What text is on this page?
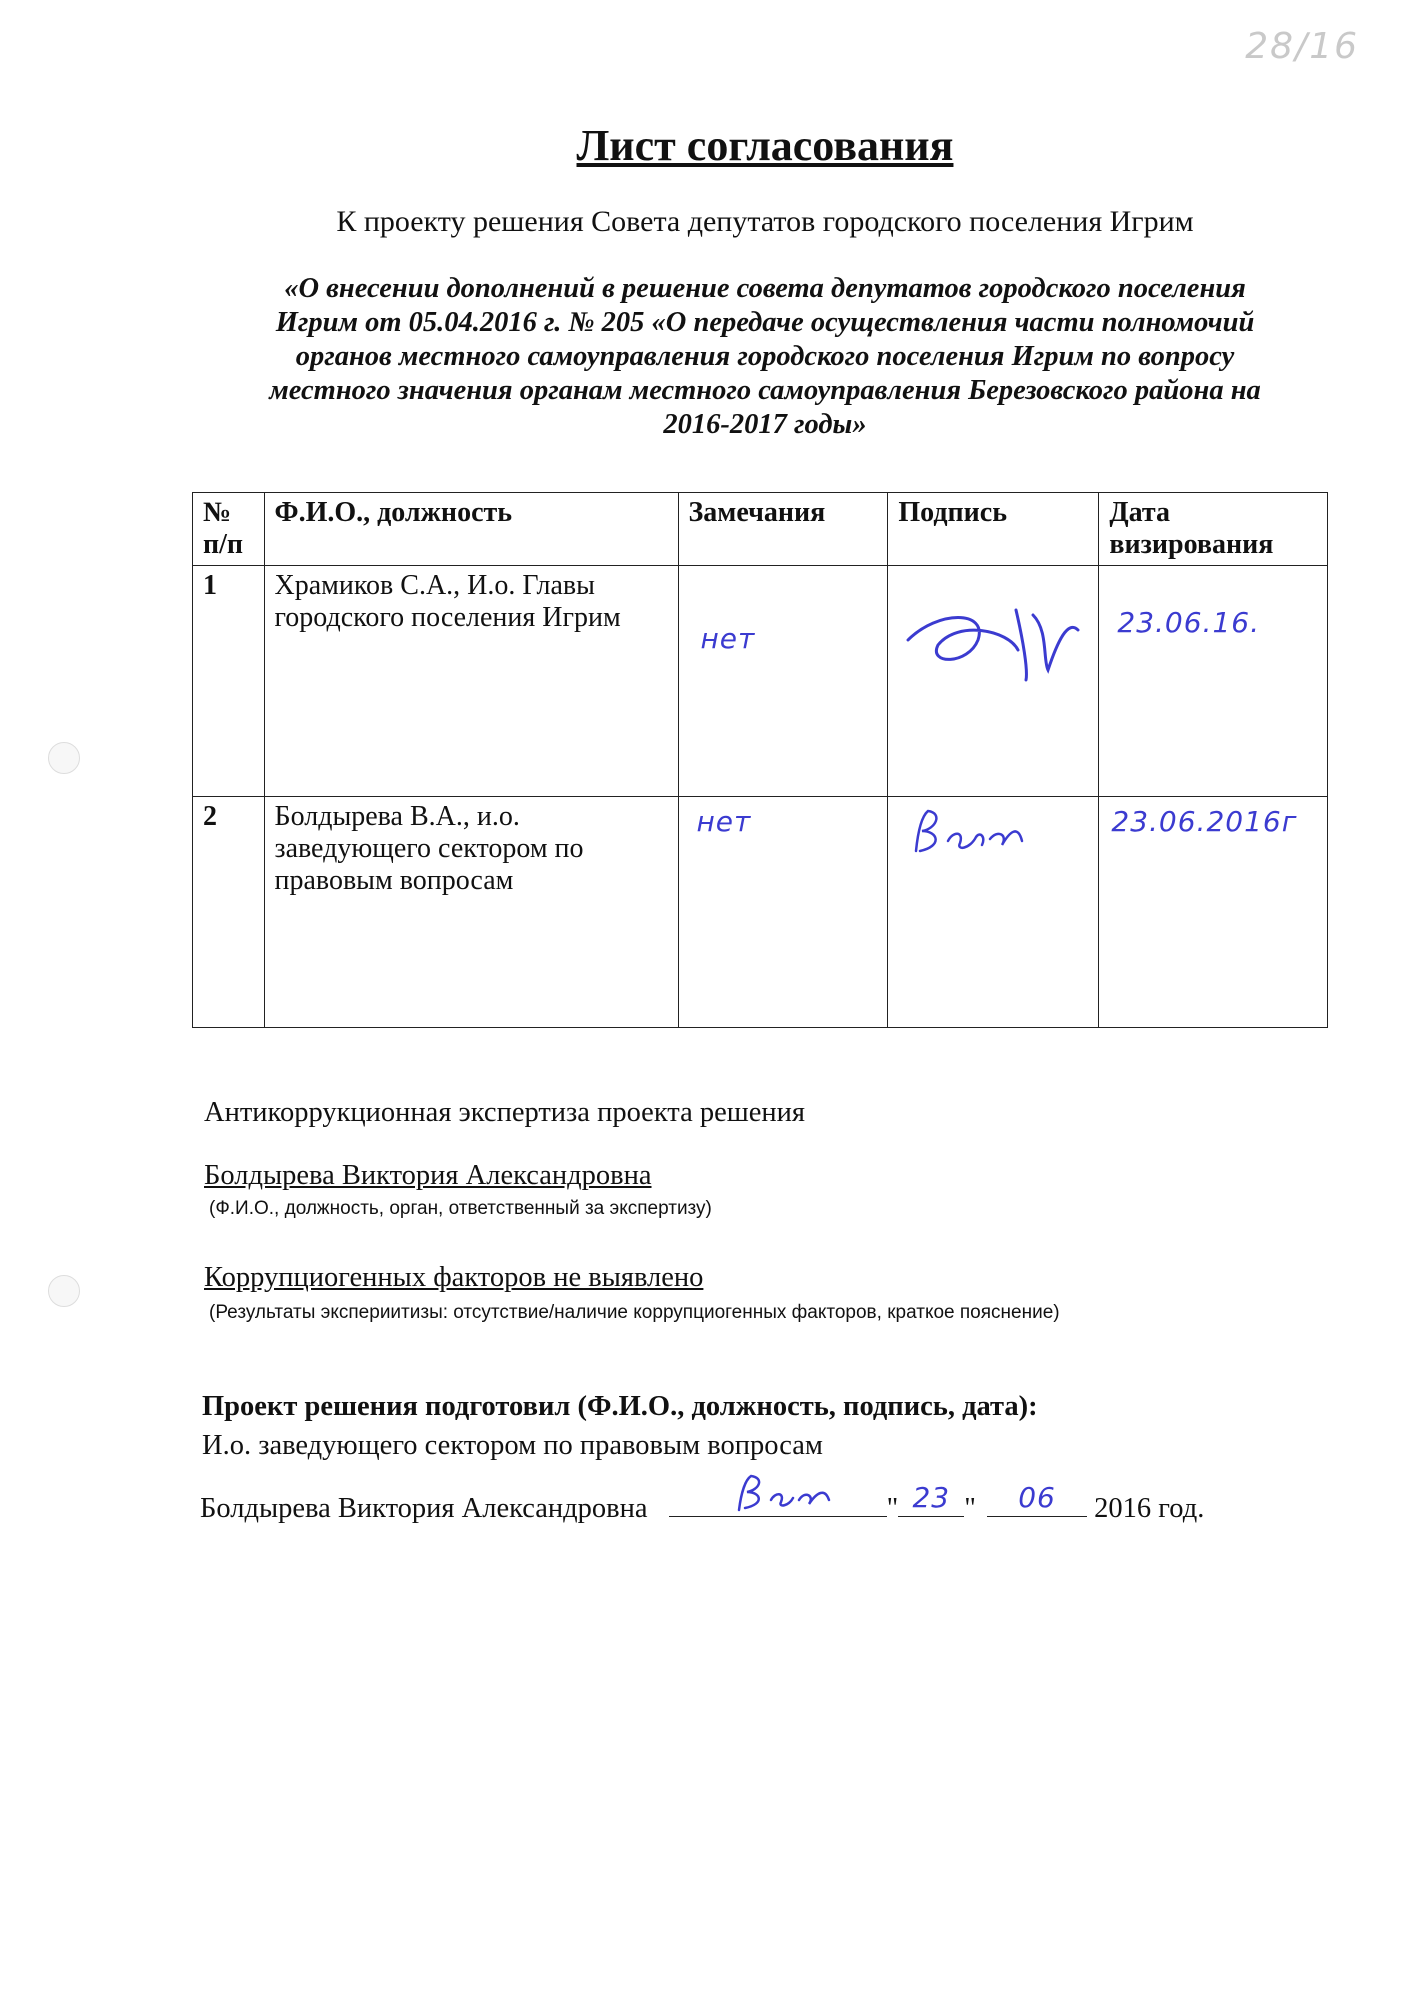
28/16
Лист согласования
К проекту решения Совета депутатов городского поселения Игрим
«О внесении дополнений в решение совета депутатов городского поселения
Игрим от 05.04.2016 г. № 205 «О передаче осуществления части полномочий
органов местного самоуправления городского поселения Игрим по вопросу
местного значения органам местного самоуправления Березовского района на
2016-2017 годы»
№ п/п	Ф.И.О., должность	Замечания	Подпись	Дата визирования
1	Храмиков С.А., И.о. Главы городского поселения Игрим	нет		23.06.16.

2	Болдырева В.А., и.о. заведующего сектором по правовым вопросам	нет		23.06.2016г
Антикоррукционная экспертиза проекта решения
Болдырева Виктория Александровна
(Ф.И.О., должность, орган, ответственный за экспертизу)
Коррупциогенных факторов не выявлено
(Результаты экспериитизы: отсутствие/наличие коррупциогенных факторов, краткое пояснение)
Проект решения подготовил (Ф.И.О., должность, подпись, дата):
И.о. заведующего сектором по правовым вопросам
Болдырева Виктория Александровна	" 23 "	06	2016 год.
